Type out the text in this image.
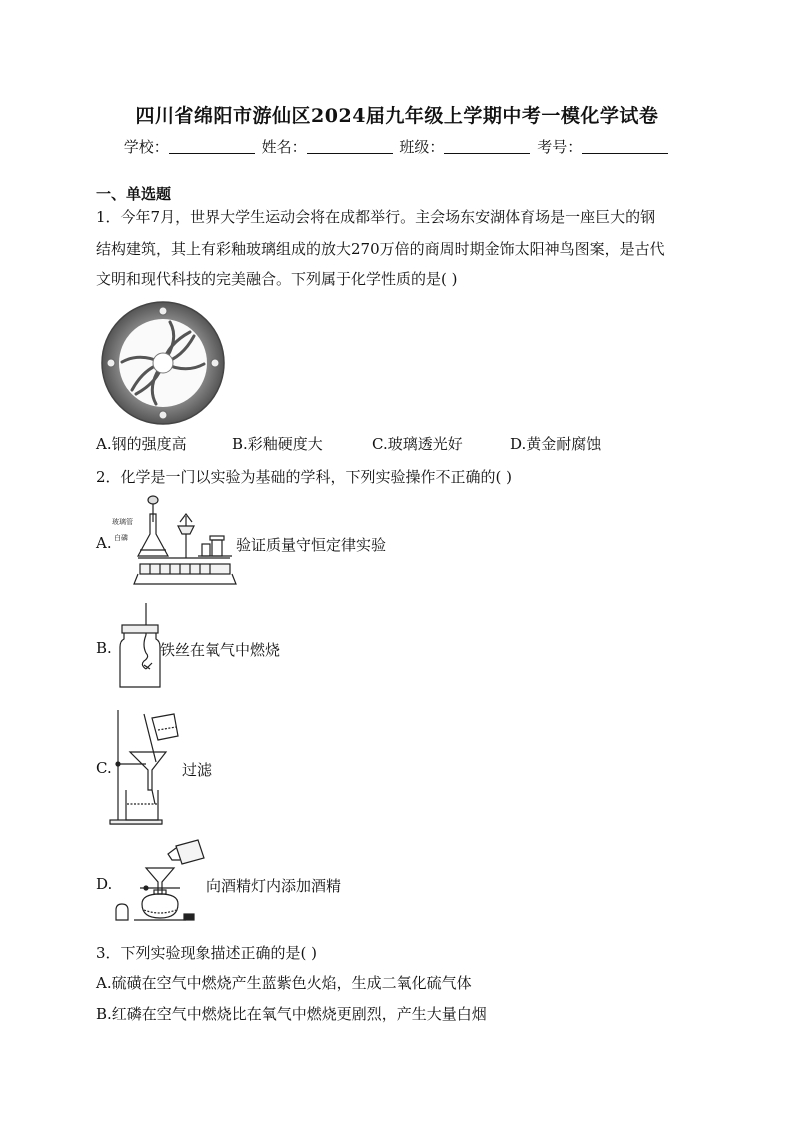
四川省绵阳市游仙区2024届九年级上学期中考一模化学试卷
学校：	姓名：	班级：	考号：
一、单选题
1．今年7月，世界大学生运动会将在成都举行。主会场东安湖体育场是一座巨大的钢
结构建筑，其上有彩釉玻璃组成的放大270万倍的商周时期金饰太阳神鸟图案，是古代
文明和现代科技的完美融合。下列属于化学性质的是( )
A.钢的强度高	B.彩釉硬度大	C.玻璃透光好	D.黄金耐腐蚀
2．化学是一门以实验为基础的学科，下列实验操作不正确的( )
A.
玻璃管
白磷	验证质量守恒定律实验
B.	铁丝在氧气中燃烧
C.	过滤
D.	向酒精灯内添加酒精
3．下列实验现象描述正确的是( )
A.硫磺在空气中燃烧产生蓝紫色火焰，生成二氧化硫气体
B.红磷在空气中燃烧比在氧气中燃烧更剧烈，产生大量白烟
